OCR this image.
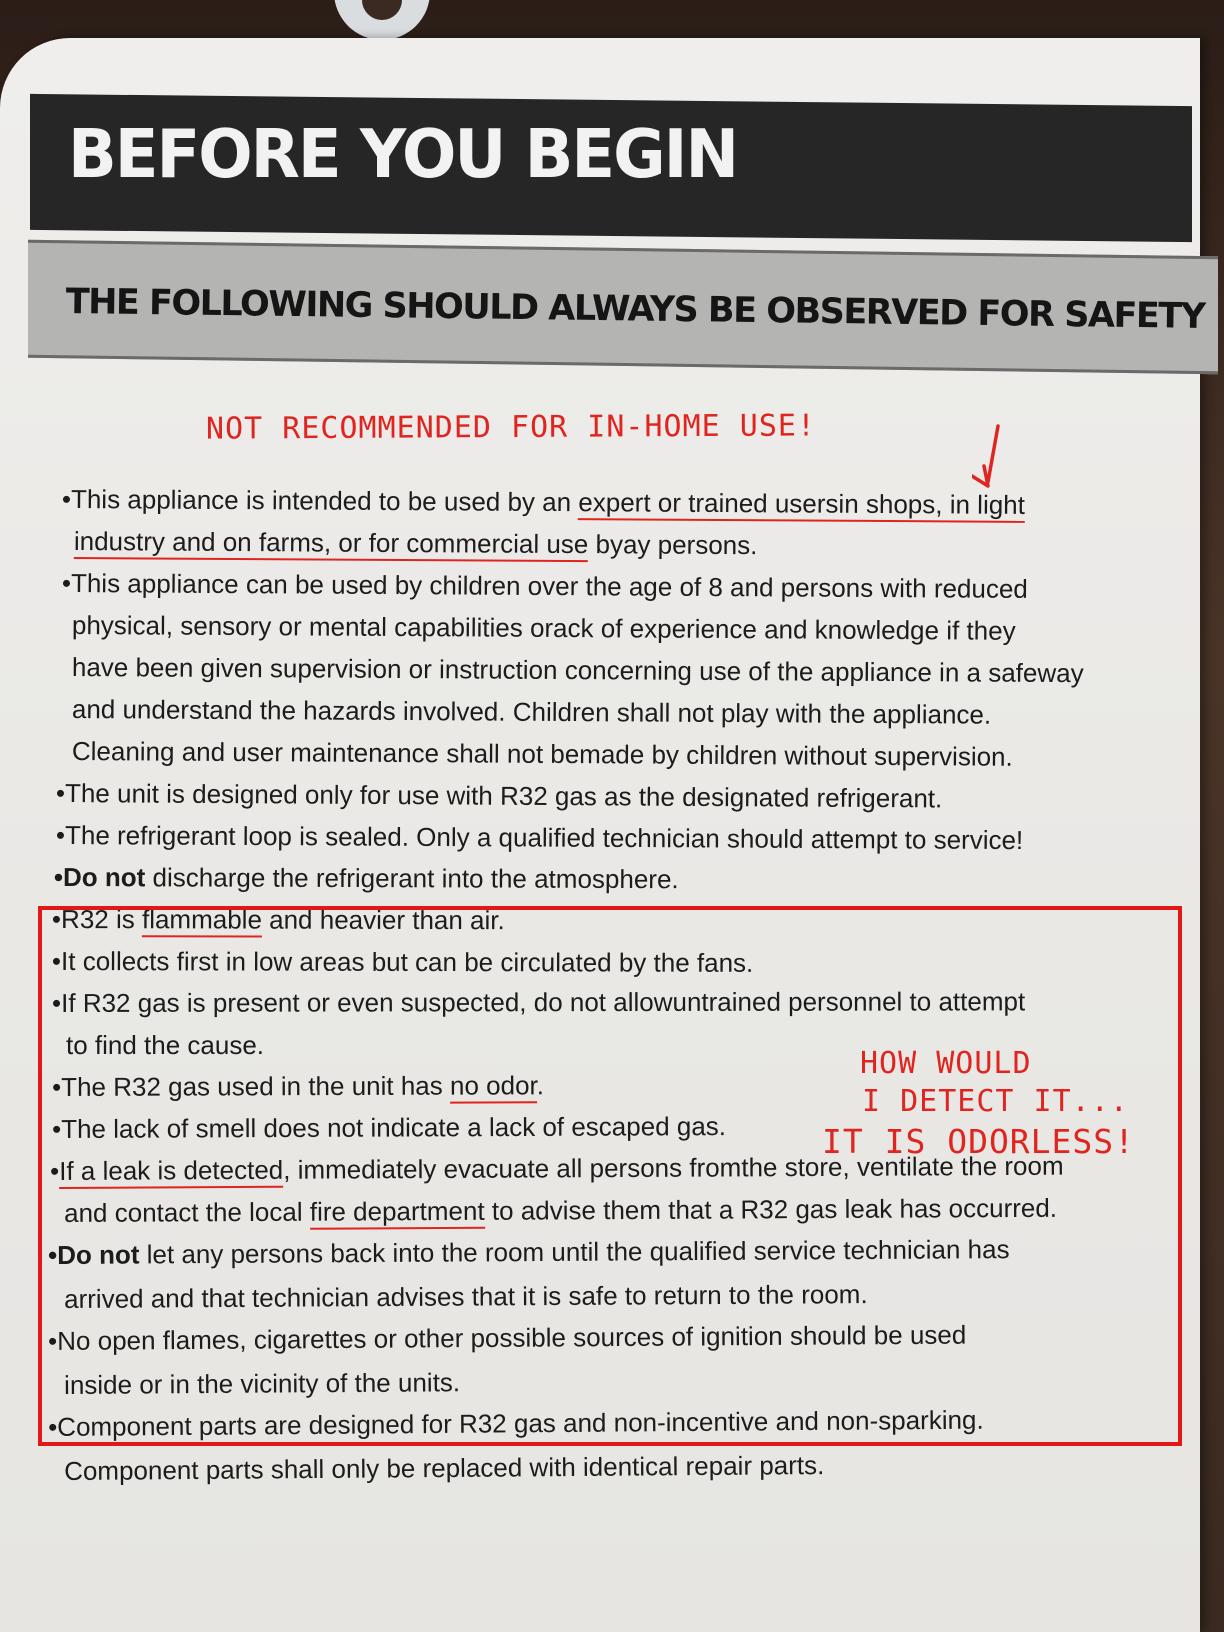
BEFORE YOU BEGIN
THE FOLLOWING SHOULD ALWAYS BE OBSERVED FOR SAFETY
NOT RECOMMENDED FOR IN-HOME USE!
•This appliance is intended to be used by an expert or trained usersin shops, in light
industry and on farms, or for commercial use byay persons.
•This appliance can be used by children over the age of 8 and persons with reduced
physical, sensory or mental capabilities orack of experience and knowledge if they
have been given supervision or instruction concerning use of the appliance in a safeway
and understand the hazards involved. Children shall not play with the appliance.
Cleaning and user maintenance shall not bemade by children without supervision.
•The unit is designed only for use with R32 gas as the designated refrigerant.
•The refrigerant loop is sealed. Only a qualified technician should attempt to service!
•Do not discharge the refrigerant into the atmosphere.
•R32 is flammable and heavier than air.
•It collects first in low areas but can be circulated by the fans.
•If R32 gas is present or even suspected, do not allowuntrained personnel to attempt
to find the cause.
•The R32 gas used in the unit has no odor.
•The lack of smell does not indicate a lack of escaped gas.
•If a leak is detected, immediately evacuate all persons fromthe store, ventilate the room
and contact the local fire department to advise them that a R32 gas leak has occurred.
•Do not let any persons back into the room until the qualified service technician has
arrived and that technician advises that it is safe to return to the room.
•No open flames, cigarettes or other possible sources of ignition should be used
inside or in the vicinity of the units.
•Component parts are designed for R32 gas and non-incentive and non-sparking.
Component parts shall only be replaced with identical repair parts.
HOW WOULD
I DETECT IT...
IT IS ODORLESS!
